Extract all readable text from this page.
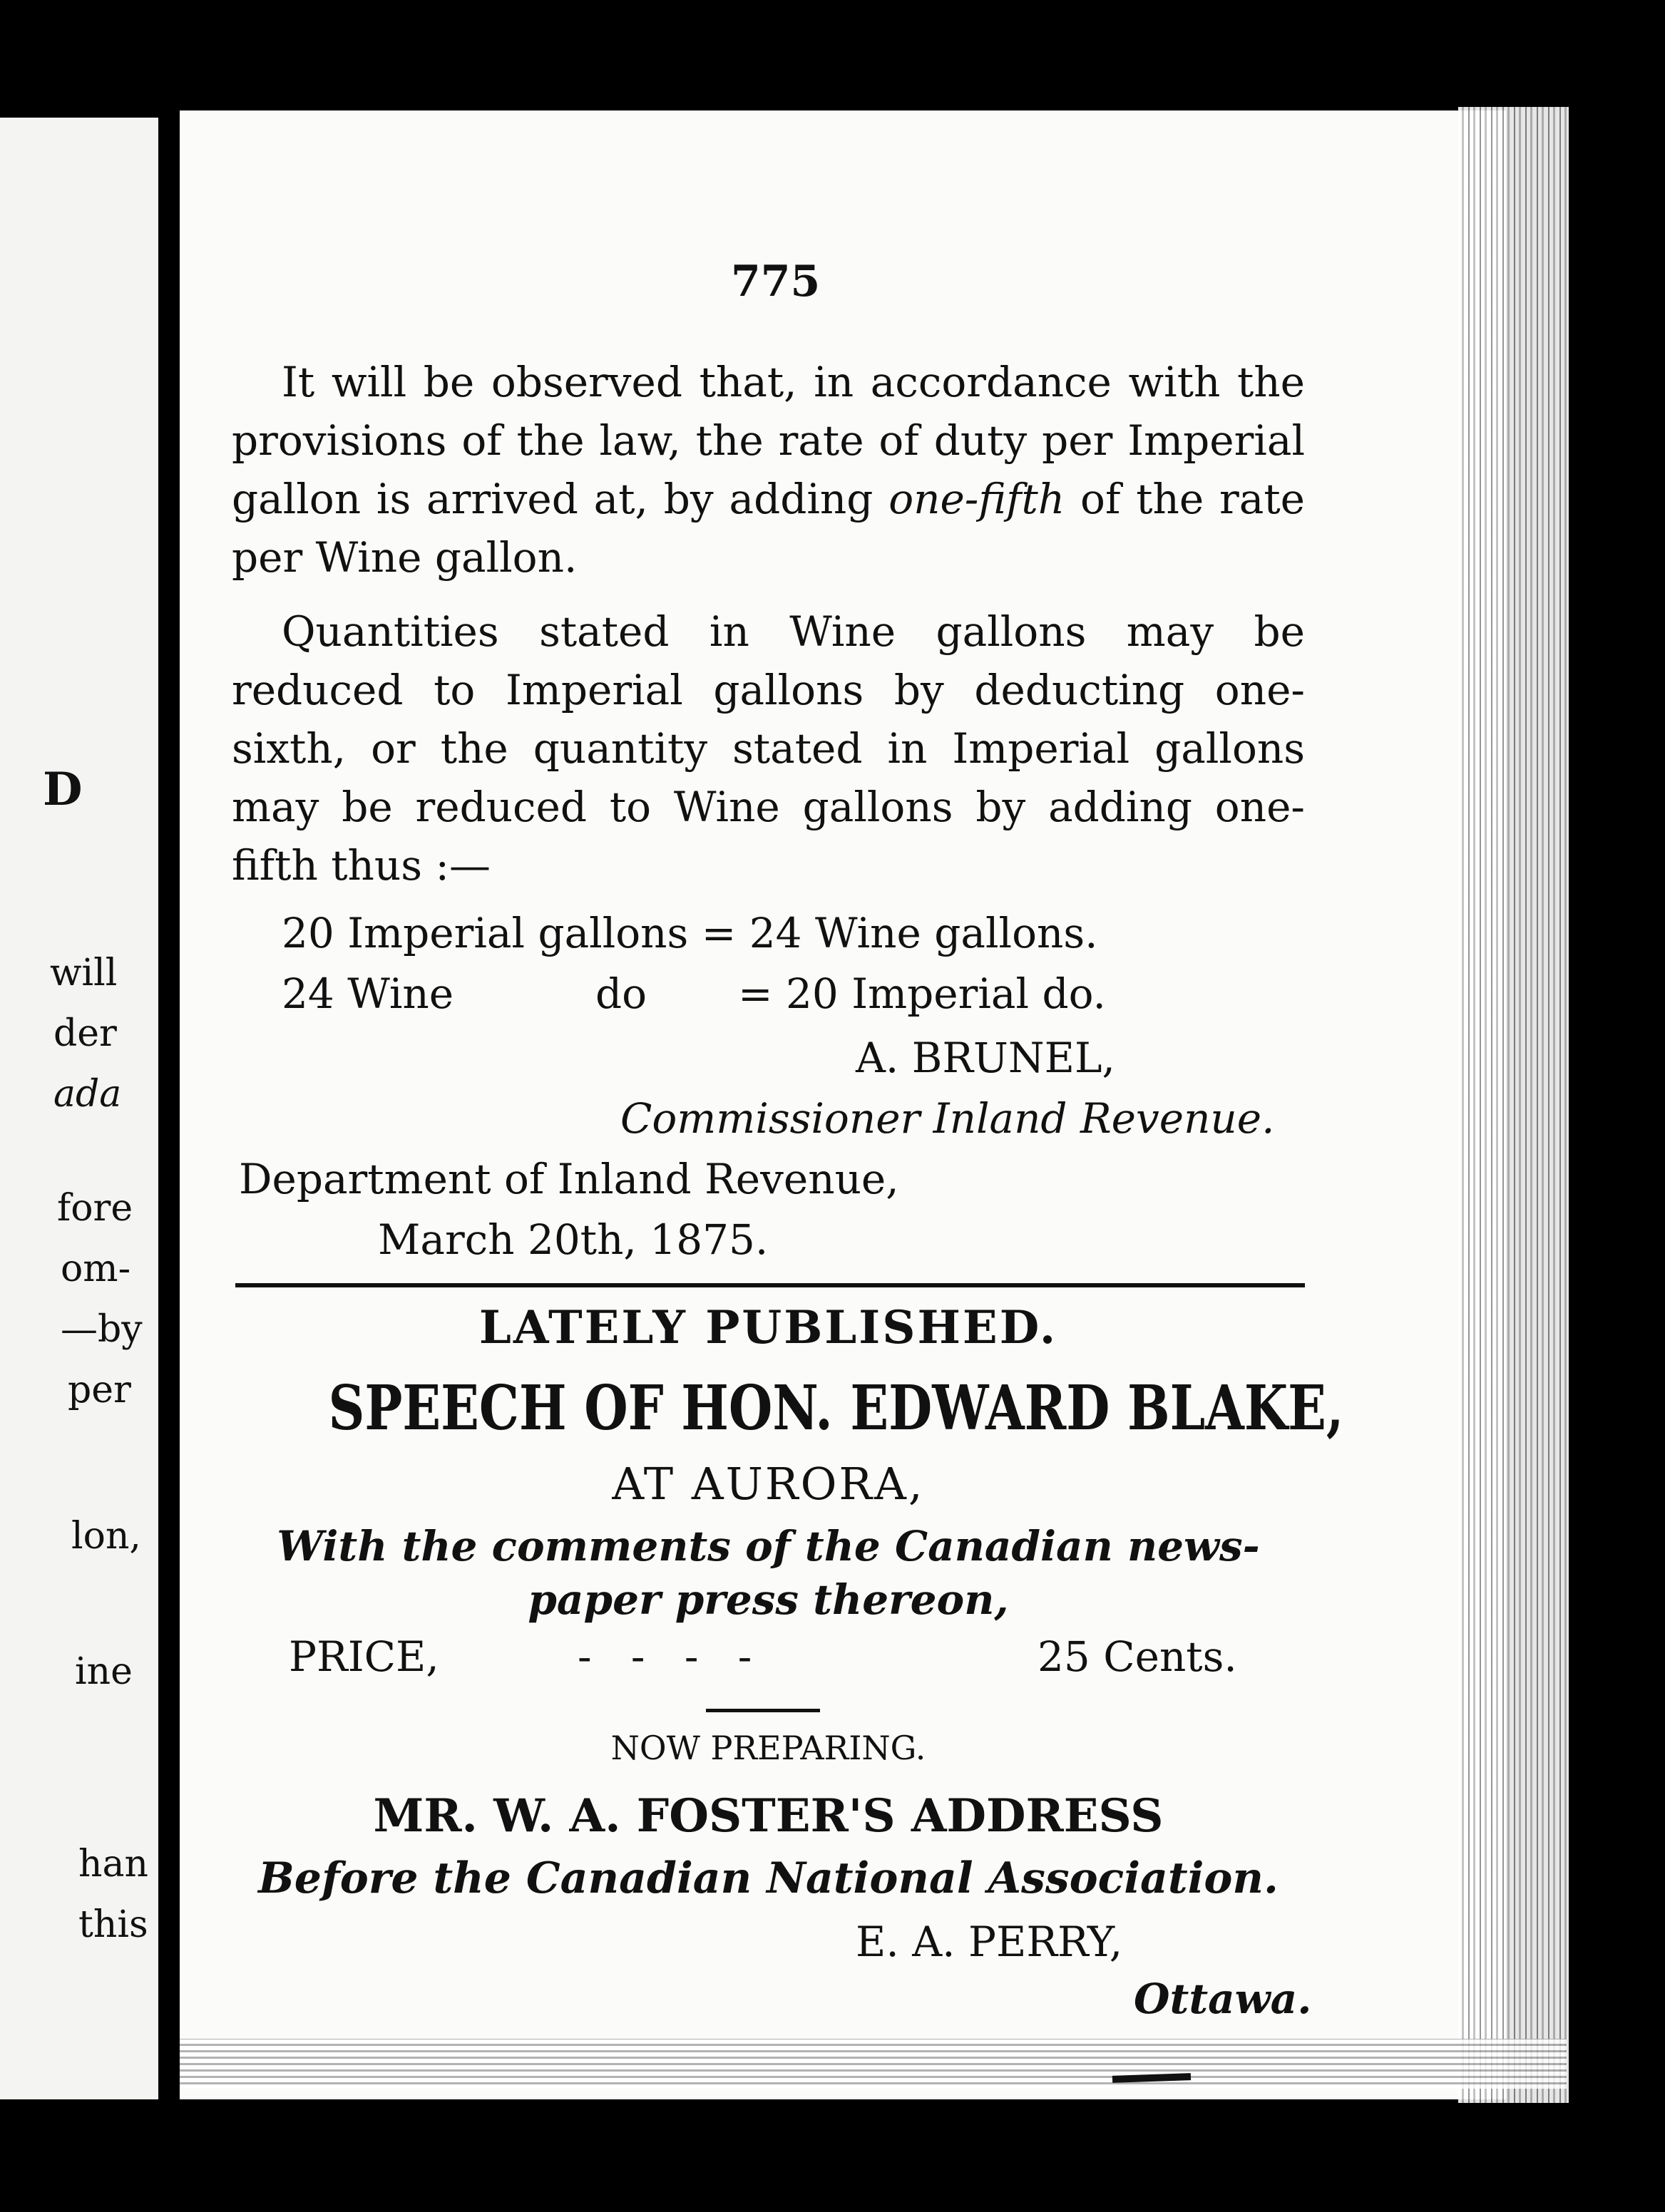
D
will
der
ada
fore
om-
—by
per
lon,
ine
han
this
775
It will be observed that, in accordance with the provisions of the law, the rate of duty per Imperial gallon is arrived at, by adding one-fifth of the rate per Wine gallon.
Quantities stated in Wine gallons may be reduced to Imperial gallons by deducting one-sixth, or the quantity stated in Imperial gallons may be reduced to Wine gallons by adding one-fifth thus :—
20 Imperial gallons = 24 Wine gallons.
24 Wine	do = 20 Imperial do.
A. BRUNEL,
Commissioner Inland Revenue.
Department of Inland Revenue,
March 20th, 1875.
LATELY PUBLISHED.
SPEECH OF HON. EDWARD BLAKE,
AT AURORA,
With the comments of the Canadian news-
paper press thereon,
PRICE,	-   -   -   -	25 Cents.
NOW PREPARING.
MR. W. A. FOSTER'S ADDRESS
Before the Canadian National Association.
E. A. PERRY,
Ottawa.
